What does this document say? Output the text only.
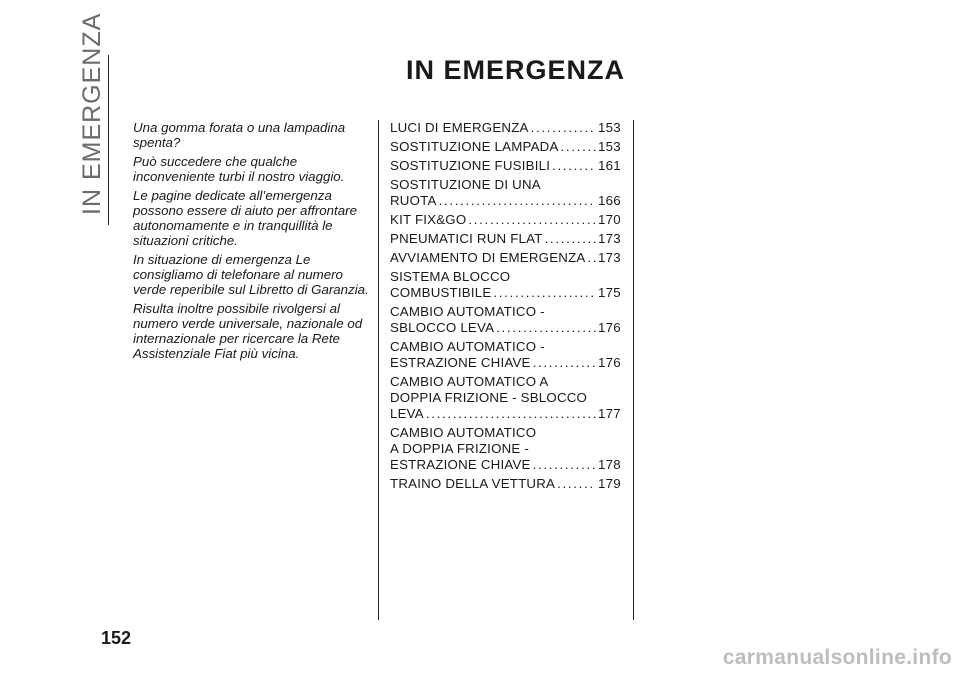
IN EMERGENZA	IN EMERGENZA

Una gomma forata o una lampadina spenta?

Può succedere che qualche inconveniente turbi il nostro viaggio.

Le pagine dedicate all’emergenza possono essere di aiuto per affrontare autonomamente e in tranquillità le situazioni critiche.

In situazione di emergenza Le consigliamo di telefonare al numero verde reperibile sul Libretto di Garanzia.

Risulta inoltre possibile rivolgersi al numero verde universale, nazionale od internazionale per ricercare la Rete Assistenziale Fiat più vicina.

LUCI DI EMERGENZA . . .	153
SOSTITUZIONE LAMPADA . . .	153
SOSTITUZIONE FUSIBILI . . .	161
SOSTITUZIONE DI UNA
RUOTA . . .	166
KIT FIX&GO . . .	170
PNEUMATICI RUN FLAT . . .	173
AVVIAMENTO DI EMERGENZA . . . 173
SISTEMA BLOCCO
COMBUSTIBILE . . .	175
CAMBIO AUTOMATICO -
SBLOCCO LEVA . . .	176
CAMBIO AUTOMATICO -
ESTRAZIONE CHIAVE . . .	176
CAMBIO AUTOMATICO A
DOPPIA FRIZIONE - SBLOCCO
LEVA . . .	177
CAMBIO AUTOMATICO
A DOPPIA FRIZIONE -
ESTRAZIONE CHIAVE . . .	178
TRAINO DELLA VETTURA . . .	179
152
carmanualsonline.info
